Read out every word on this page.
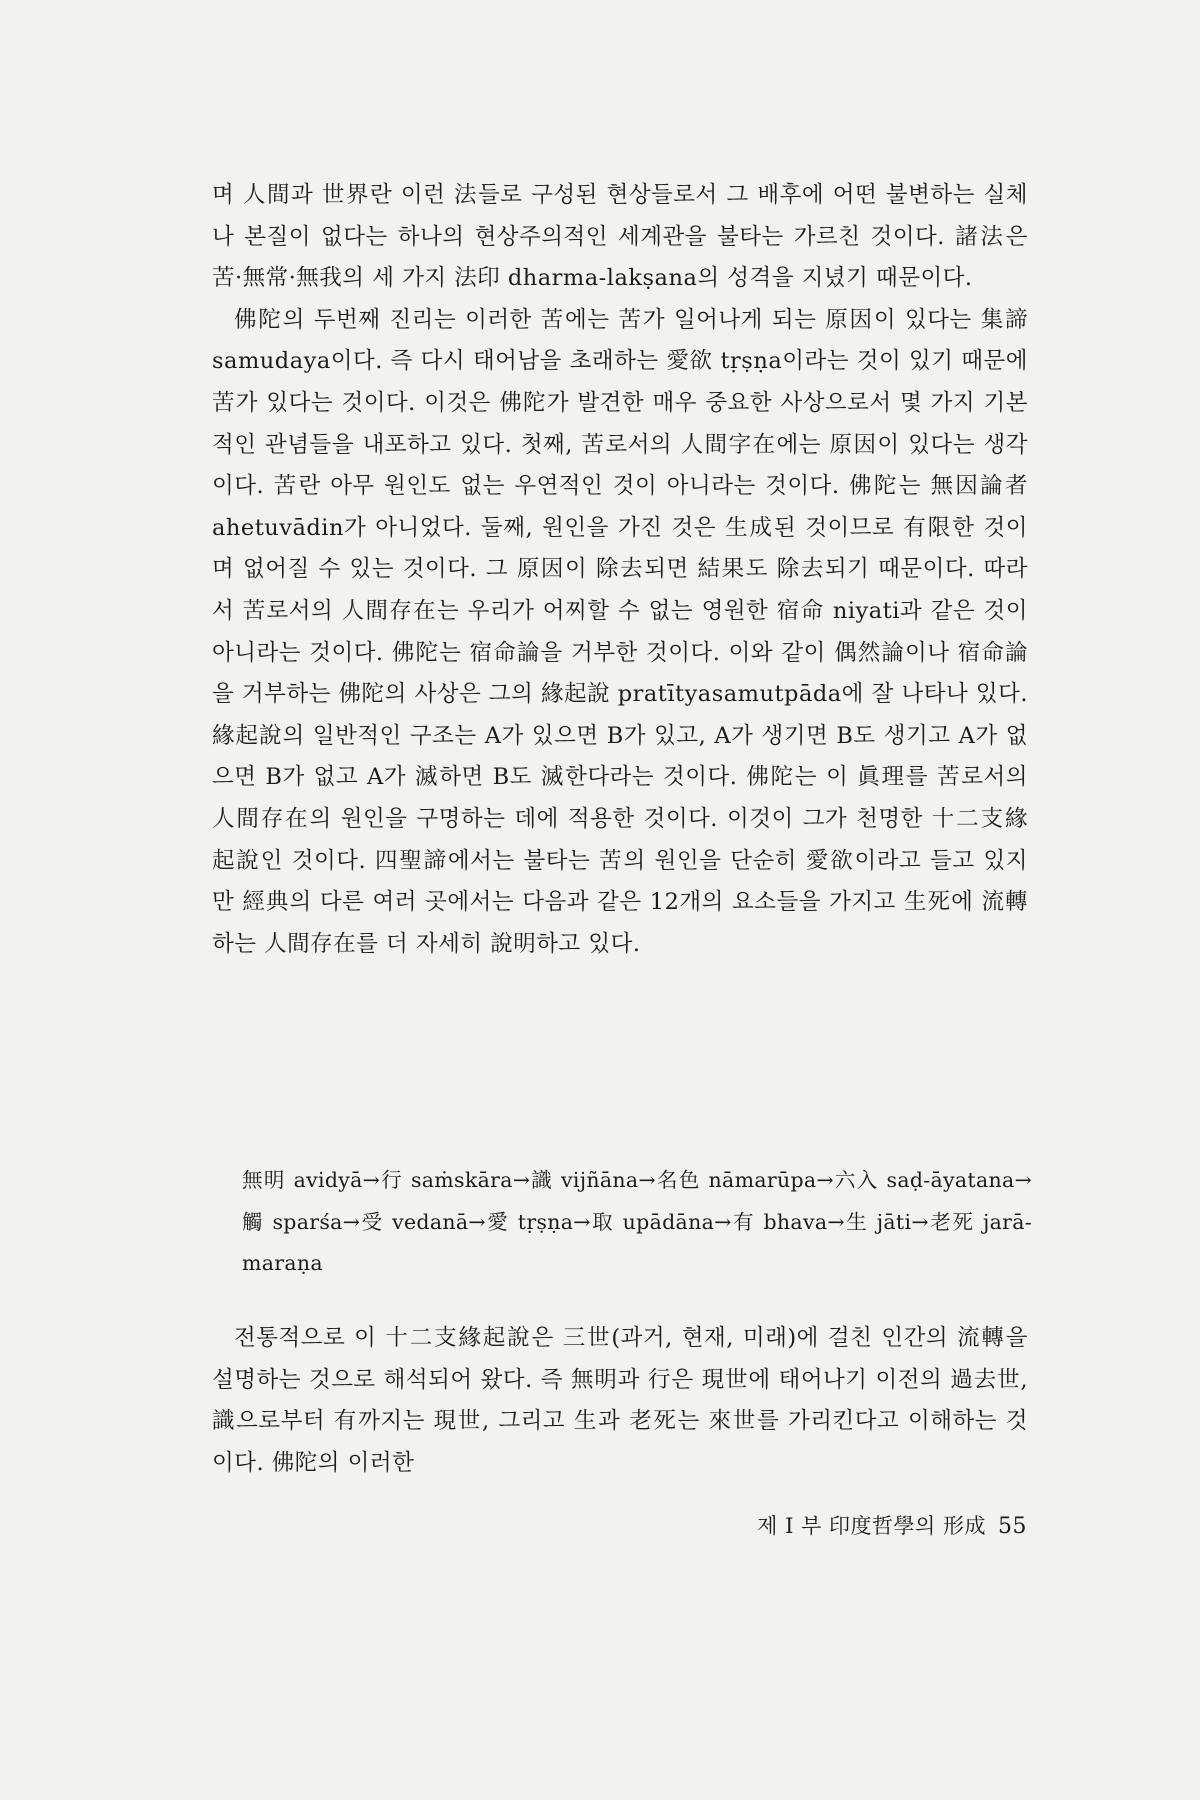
며 人間과 世界란 이런 法들로 구성된 현상들로서 그 배후에 어떤 불변하는 실체나 본질이 없다는 하나의 현상주의적인 세계관을 불타는 가르친 것이다. 諸法은 苦·無常·無我의 세 가지 法印 dharma-lakṣana의 성격을 지녔기 때문이다.

佛陀의 두번째 진리는 이러한 苦에는 苦가 일어나게 되는 原因이 있다는 集諦 samudaya이다. 즉 다시 태어남을 초래하는 愛欲 tṛṣṇa이라는 것이 있기 때문에 苦가 있다는 것이다. 이것은 佛陀가 발견한 매우 중요한 사상으로서 몇 가지 기본적인 관념들을 내포하고 있다. 첫째, 苦로서의 人間字在에는 原因이 있다는 생각이다. 苦란 아무 원인도 없는 우연적인 것이 아니라는 것이다. 佛陀는 無因論者 ahetuvādin가 아니었다. 둘째, 원인을 가진 것은 生成된 것이므로 有限한 것이며 없어질 수 있는 것이다. 그 原因이 除去되면 結果도 除去되기 때문이다. 따라서 苦로서의 人間存在는 우리가 어찌할 수 없는 영원한 宿命 niyati과 같은 것이 아니라는 것이다. 佛陀는 宿命論을 거부한 것이다. 이와 같이 偶然論이나 宿命論을 거부하는 佛陀의 사상은 그의 緣起說 pratītyasamutpāda에 잘 나타나 있다. 緣起說의 일반적인 구조는 A가 있으면 B가 있고, A가 생기면 B도 생기고 A가 없으면 B가 없고 A가 滅하면 B도 滅한다라는 것이다. 佛陀는 이 眞理를 苦로서의 人間存在의 원인을 구명하는 데에 적용한 것이다. 이것이 그가 천명한 十二支緣起說인 것이다. 四聖諦에서는 불타는 苦의 원인을 단순히 愛欲이라고 들고 있지만 經典의 다른 여러 곳에서는 다음과 같은 12개의 요소들을 가지고 生死에 流轉하는 人間存在를 더 자세히 說明하고 있다.

無明 avidyā→行 saṁskāra→識 vijñāna→名色 nāmarūpa→六入 saḍ-āyatana→觸 sparśa→受 vedanā→愛 tṛṣṇa→取 upādāna→有 bhava→生 jāti→老死 jarā-maraṇa

전통적으로 이 十二支緣起說은 三世(과거, 현재, 미래)에 걸친 인간의 流轉을 설명하는 것으로 해석되어 왔다. 즉 無明과 行은 現世에 태어나기 이전의 過去世, 識으로부터 有까지는 現世, 그리고 生과 老死는 來世를 가리킨다고 이해하는 것이다. 佛陀의 이러한

제 I 부 印度哲學의 形成 55
